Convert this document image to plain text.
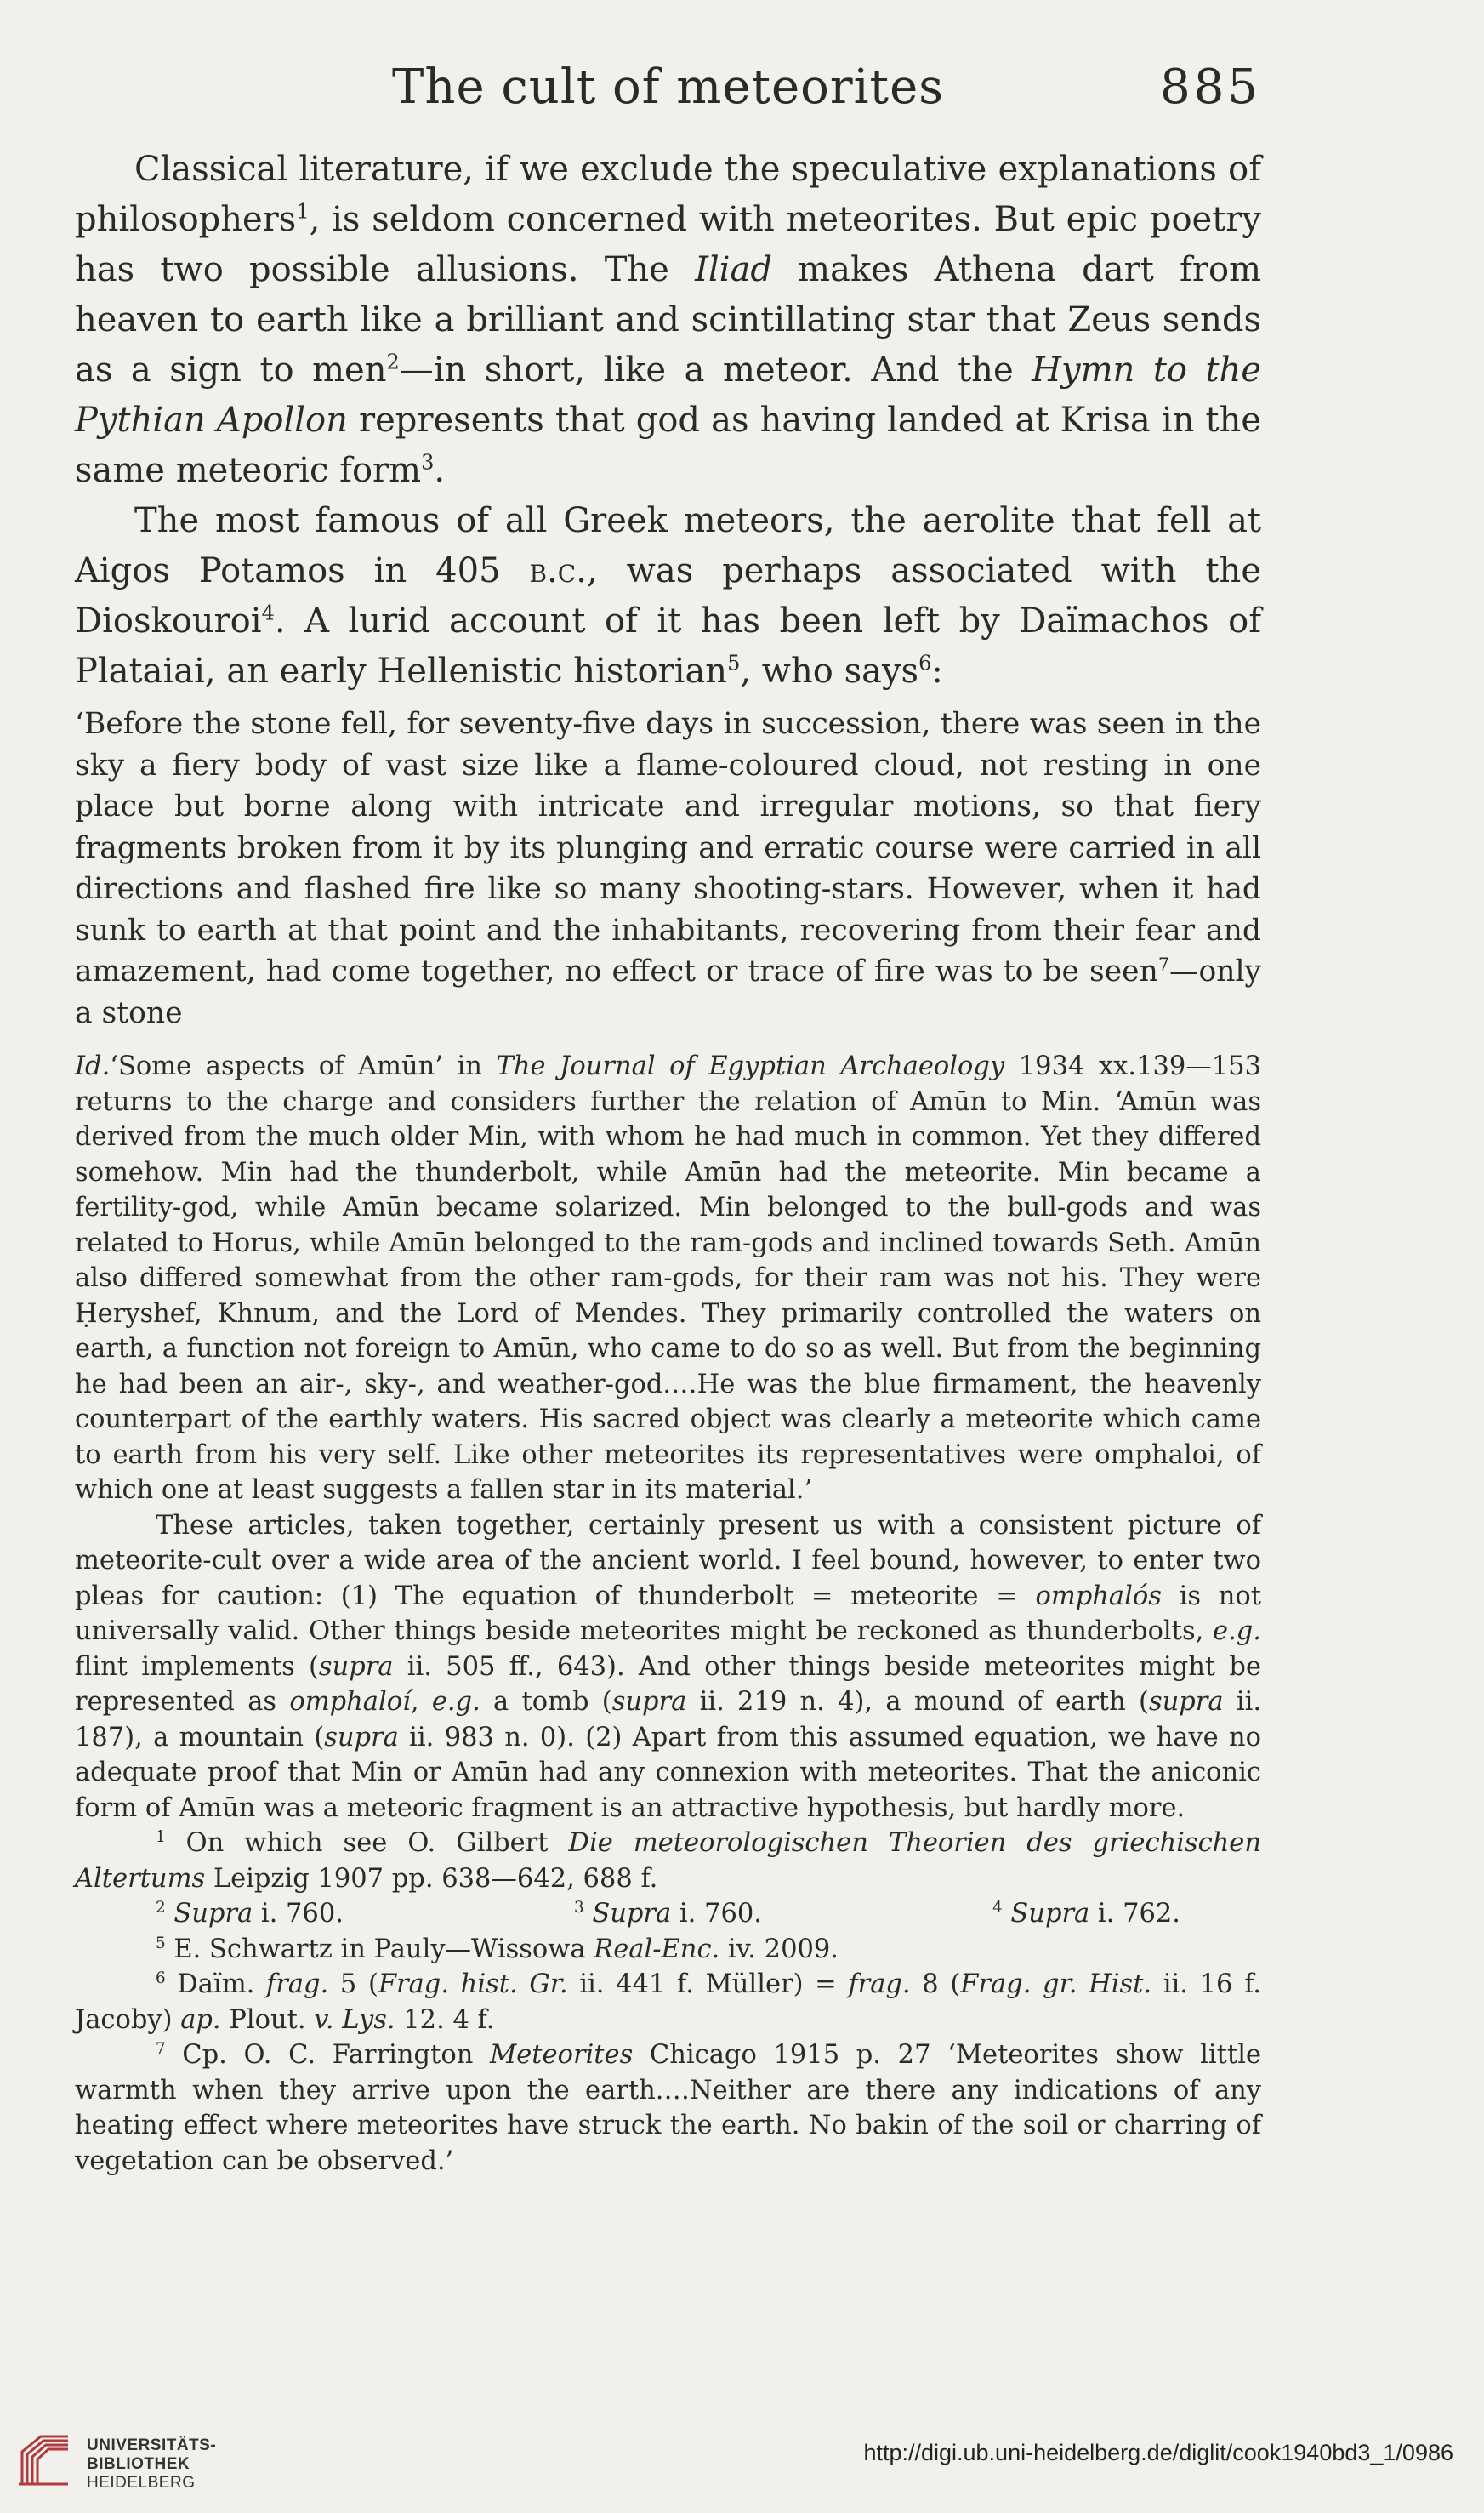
The cult of meteorites	885

Classical literature, if we exclude the speculative explanations of philosophers$^1$, is seldom concerned with meteorites. But epic poetry has two possible allusions. The Iliad makes Athena dart from heaven to earth like a brilliant and scintillating star that Zeus sends as a sign to men$^2$—in short, like a meteor. And the Hymn to the Pythian Apollon represents that god as having landed at Krisa in the same meteoric form$^3$.

The most famous of all Greek meteors, the aerolite that fell at Aigos Potamos in 405 b.c., was perhaps associated with the Dioskouroi$^4$. A lurid account of it has been left by Daïmachos of Plataiai, an early Hellenistic historian$^5$, who says$^6$:

‘Before the stone fell, for seventy-five days in succession, there was seen in the sky a fiery body of vast size like a flame-coloured cloud, not resting in one place but borne along with intricate and irregular motions, so that fiery fragments broken from it by its plunging and erratic course were carried in all directions and flashed fire like so many shooting-stars. However, when it had sunk to earth at that point and the inhabitants, recovering from their fear and amazement, had come together, no effect or trace of fire was to be seen$^7$—only a stone

Id.‘Some aspects of Amūn’ in The Journal of Egyptian Archaeology 1934 xx.139—153 returns to the charge and considers further the relation of Amūn to Min. ‘Amūn was derived from the much older Min, with whom he had much in common. Yet they differed somehow. Min had the thunderbolt, while Amūn had the meteorite. Min became a fertility-god, while Amūn became solarized. Min belonged to the bull-gods and was related to Horus, while Amūn belonged to the ram-gods and inclined towards Seth. Amūn also differed somewhat from the other ram-gods, for their ram was not his. They were Ḥeryshef, Khnum, and the Lord of Mendes. They primarily controlled the waters on earth, a function not foreign to Amūn, who came to do so as well. But from the beginning he had been an air-, sky-, and weather-god.…He was the blue firmament, the heavenly counterpart of the earthly waters. His sacred object was clearly a meteorite which came to earth from his very self. Like other meteorites its representatives were omphaloi, of which one at least suggests a fallen star in its material.’

These articles, taken together, certainly present us with a consistent picture of meteorite-cult over a wide area of the ancient world. I feel bound, however, to enter two pleas for caution: (1) The equation of thunderbolt = meteorite = omphalós is not universally valid. Other things beside meteorites might be reckoned as thunderbolts, e.g. flint implements (supra ii. 505 ff., 643). And other things beside meteorites might be represented as omphaloí, e.g. a tomb (supra ii. 219 n. 4), a mound of earth (supra ii. 187), a mountain (supra ii. 983 n. 0). (2) Apart from this assumed equation, we have no adequate proof that Min or Amūn had any connexion with meteorites. That the aniconic form of Amūn was a meteoric fragment is an attractive hypothesis, but hardly more.

$^1$ On which see O. Gilbert Die meteorologischen Theorien des griechischen Altertums Leipzig 1907 pp. 638—642, 688 f.

$^2$ Supra i. 760.	$^3$ Supra i. 760.	$^4$ Supra i. 762.

$^5$ E. Schwartz in Pauly—Wissowa Real-Enc. iv. 2009.

$^6$ Daïm. frag. 5 (Frag. hist. Gr. ii. 441 f. Müller) = frag. 8 (Frag. gr. Hist. ii. 16 f. Jacoby) ap. Plout. v. Lys. 12. 4 f.

$^7$ Cp. O. C. Farrington Meteorites Chicago 1915 p. 27 ‘Meteorites show little warmth when they arrive upon the earth.…Neither are there any indications of any heating effect where meteorites have struck the earth. No bakin of the soil or charring of vegetation can be observed.’

UNIVERSITÄTS-
BIBLIOTHEK
HEIDELBERG
http://digi.ub.uni-heidelberg.de/diglit/cook1940bd3_1/0986
